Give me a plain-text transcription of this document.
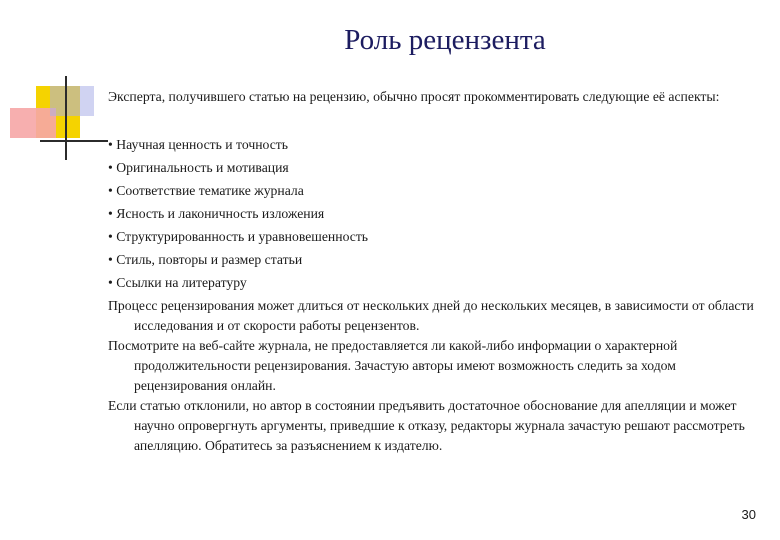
Роль рецензента

Эксперта, получившего статью на рецензию, обычно просят прокомментировать следующие её аспекты:

• Научная ценность и точность
• Оригинальность и мотивация
• Соответствие тематике журнала
• Ясность и лаконичность изложения
• Структурированность и уравновешенность
• Стиль, повторы и размер статьи
• Ссылки на литературу

Процесс рецензирования может длиться от нескольких дней до нескольких месяцев, в зависимости от области исследования и от скорости работы рецензентов.

Посмотрите на веб-сайте журнала, не предоставляется ли какой-либо информации о характерной продолжительности рецензирования. Зачастую авторы имеют возможность следить за ходом рецензирования онлайн.

Если статью отклонили, но автор в состоянии предъявить достаточное обоснование для апелляции и может научно опровергнуть аргументы, приведшие к отказу, редакторы журнала зачастую решают рассмотреть апелляцию. Обратитесь за разъяснением к издателю.

30
